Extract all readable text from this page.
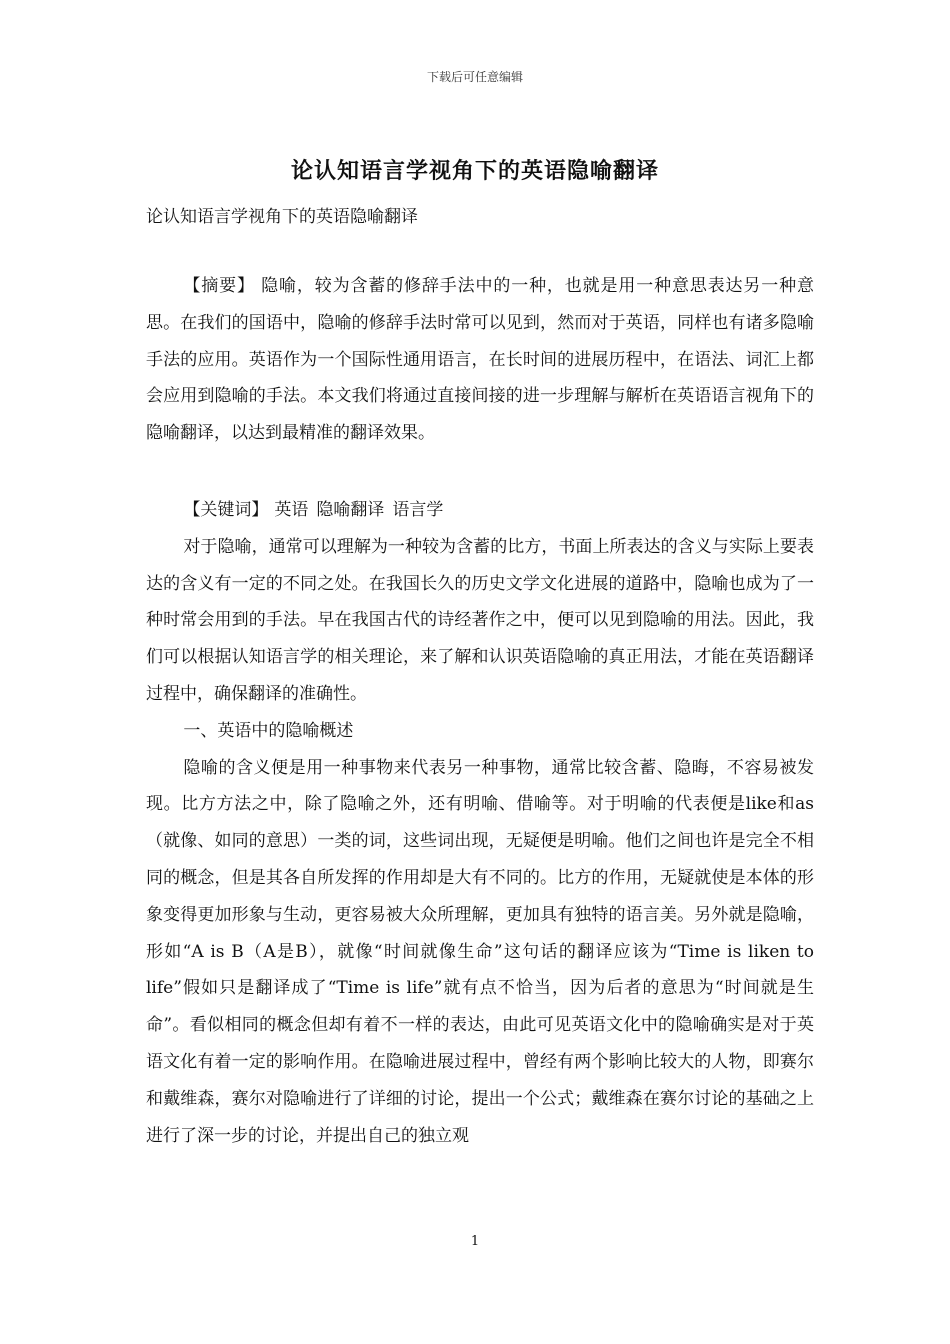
下载后可任意编辑
论认知语言学视角下的英语隐喻翻译
论认知语言学视角下的英语隐喻翻译

【摘要】 隐喻，较为含蓄的修辞手法中的一种，也就是用一种意思表达另一种意思。在我们的国语中，隐喻的修辞手法时常可以见到，然而对于英语，同样也有诸多隐喻手法的应用。英语作为一个国际性通用语言，在长时间的进展历程中，在语法、词汇上都会应用到隐喻的手法。本文我们将通过直接间接的进一步理解与解析在英语语言视角下的隐喻翻译，以达到最精准的翻译效果。

【关键词】 英语 隐喻翻译 语言学

对于隐喻，通常可以理解为一种较为含蓄的比方，书面上所表达的含义与实际上要表达的含义有一定的不同之处。在我国长久的历史文学文化进展的道路中，隐喻也成为了一种时常会用到的手法。早在我国古代的诗经著作之中，便可以见到隐喻的用法。因此，我们可以根据认知语言学的相关理论，来了解和认识英语隐喻的真正用法，才能在英语翻译过程中，确保翻译的准确性。

一、英语中的隐喻概述

隐喻的含义便是用一种事物来代表另一种事物，通常比较含蓄、隐晦，不容易被发现。比方方法之中，除了隐喻之外，还有明喻、借喻等。对于明喻的代表便是like和as（就像、如同的意思）一类的词，这些词出现，无疑便是明喻。他们之间也许是完全不相同的概念，但是其各自所发挥的作用却是大有不同的。比方的作用，无疑就使是本体的形象变得更加形象与生动，更容易被大众所理解，更加具有独特的语言美。另外就是隐喻，形如“A is B（A是B），就像“时间就像生命”这句话的翻译应该为“Time is liken to life”假如只是翻译成了“Time is life”就有点不恰当，因为后者的意思为“时间就是生命”。看似相同的概念但却有着不一样的表达，由此可见英语文化中的隐喻确实是对于英语文化有着一定的影响作用。在隐喻进展过程中，曾经有两个影响比较大的人物，即赛尔和戴维森，赛尔对隐喻进行了详细的讨论，提出一个公式；戴维森在赛尔讨论的基础之上进行了深一步的讨论，并提出自己的独立观

1
